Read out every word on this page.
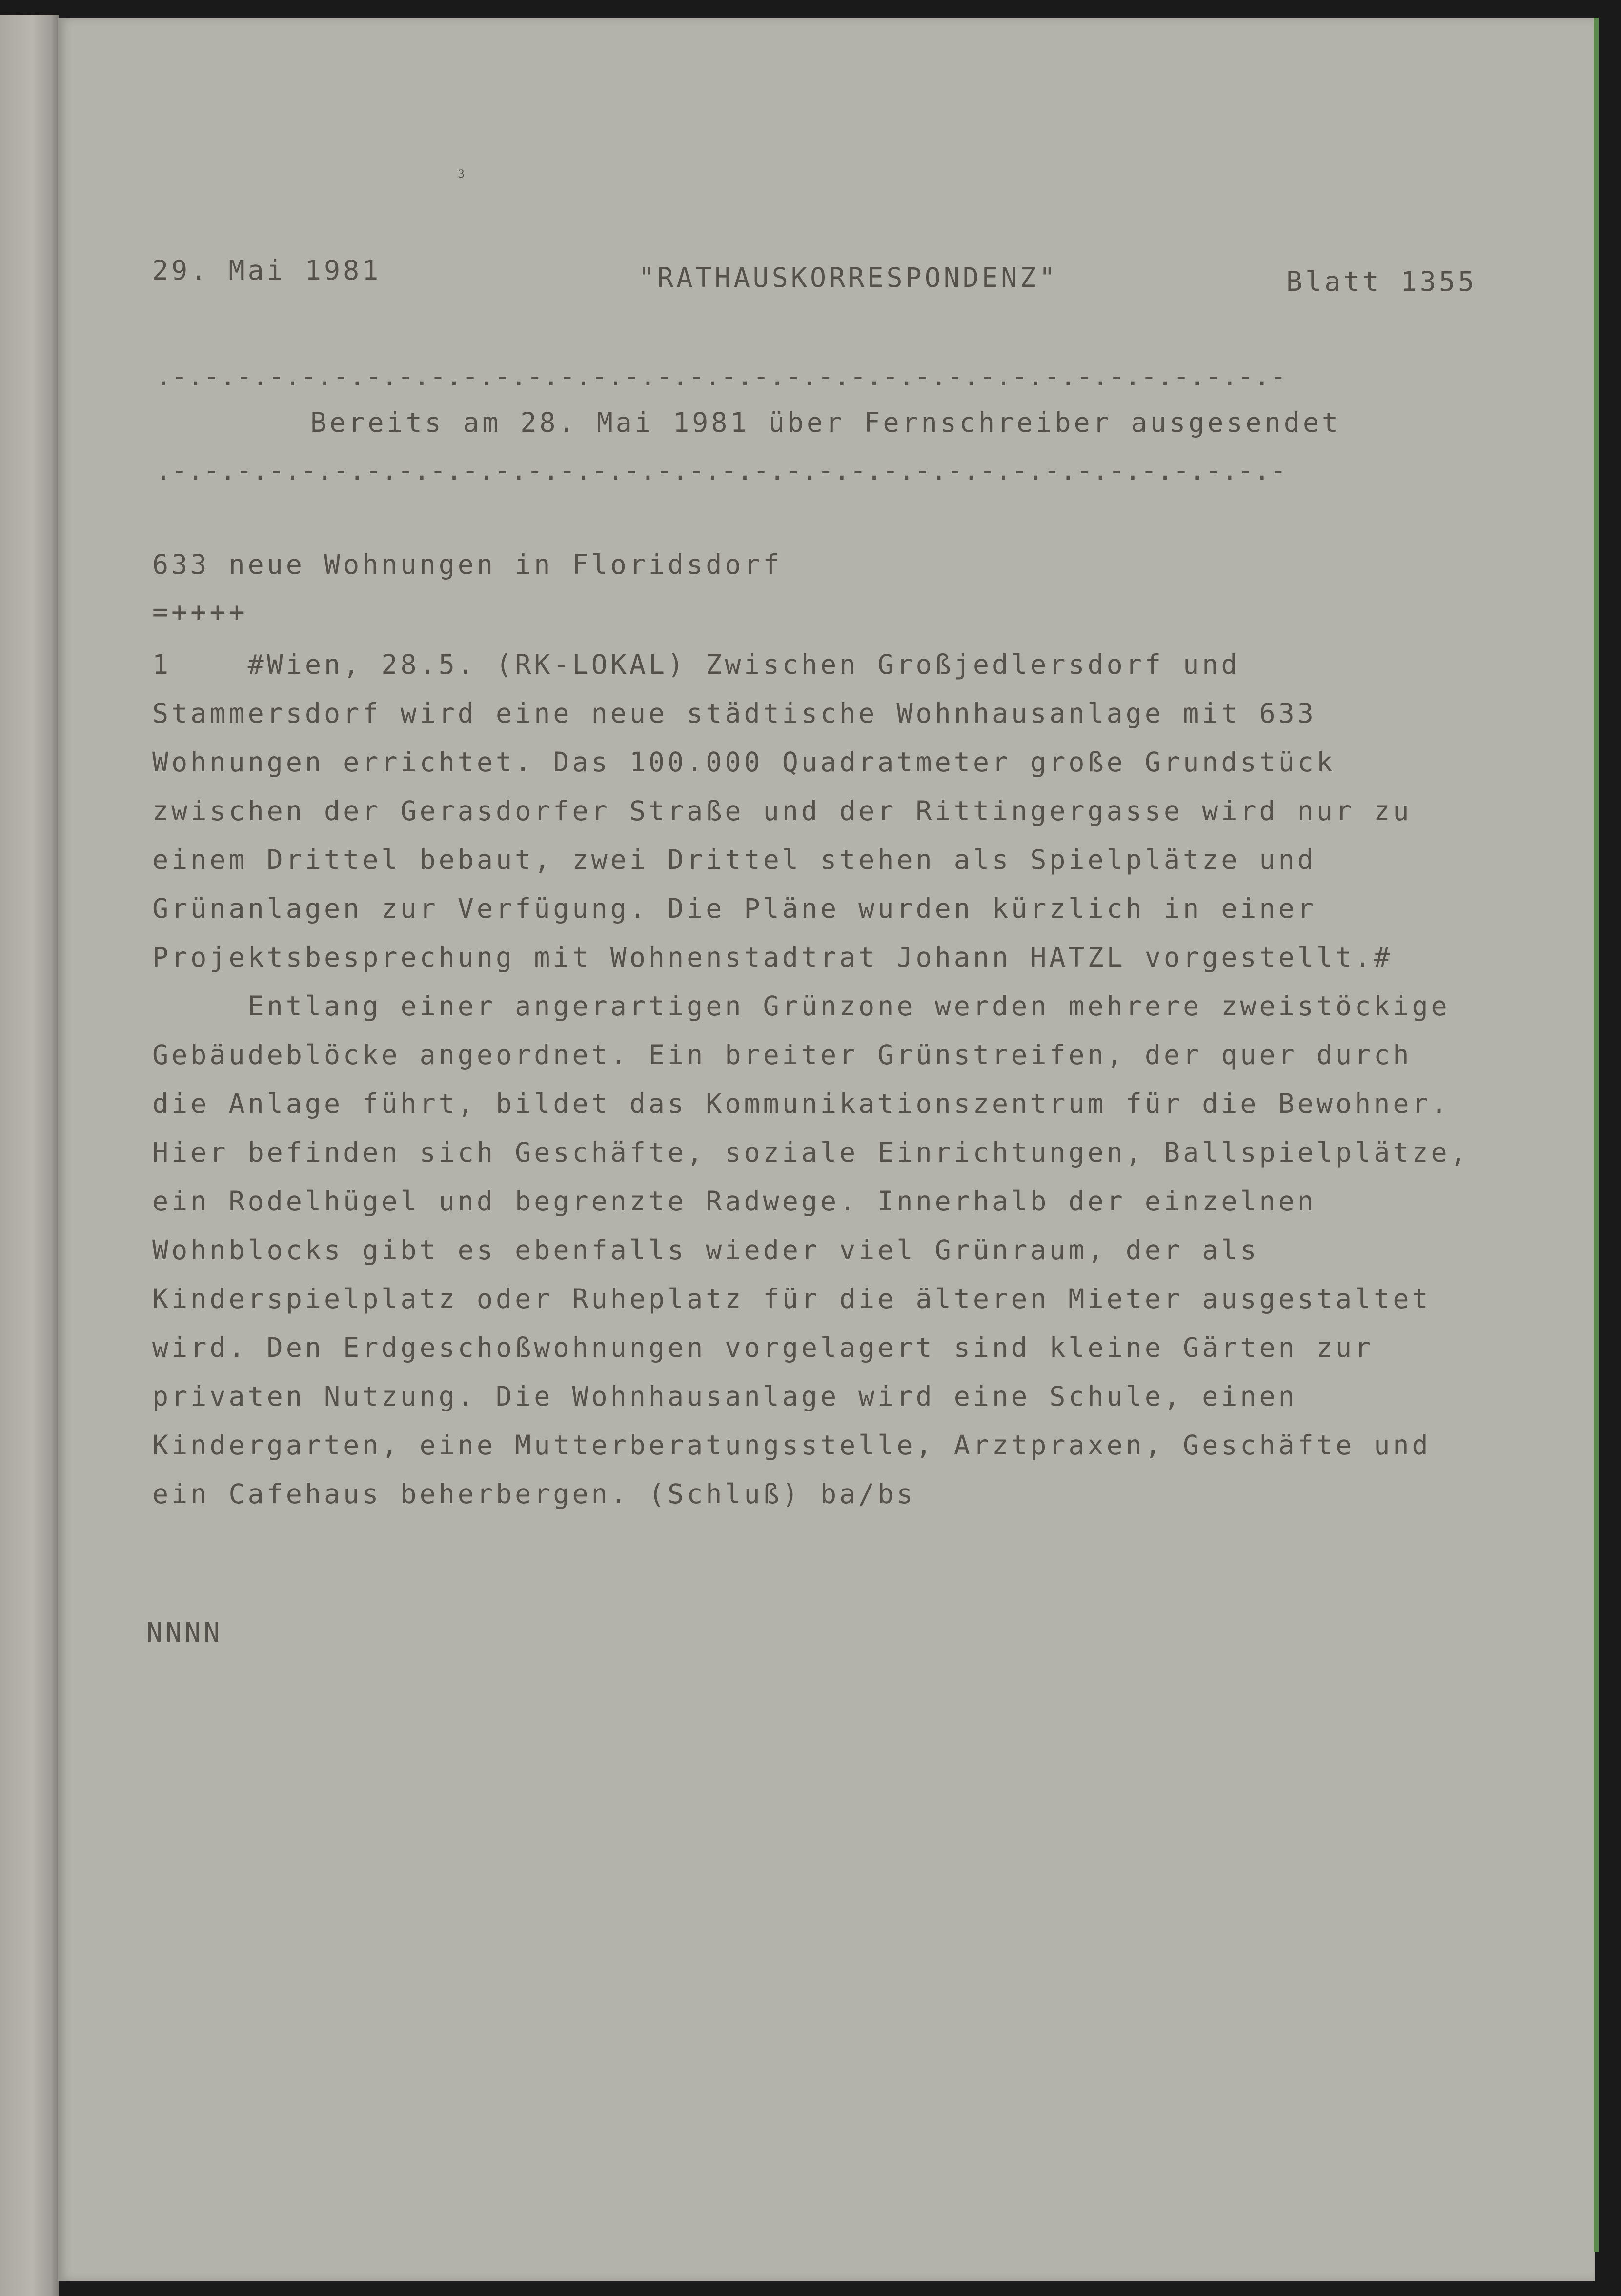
3

29. Mai 1981	"RATHAUSKORRESPONDENZ"	Blatt 1355

.-.-.-.-.-.-.-.-.-.-.-.-.-.-.-.-.-.-.-.-.-.-.-.-.-.-.-.-.-.-.-.-.-.-.-

Bereits am 28. Mai 1981 über Fernschreiber ausgesendet

.-.-.-.-.-.-.-.-.-.-.-.-.-.-.-.-.-.-.-.-.-.-.-.-.-.-.-.-.-.-.-.-.-.-.-

633 neue Wohnungen in Floridsdorf

=++++

1    #Wien, 28.5. (RK-LOKAL) Zwischen Großjedlersdorf und

Stammersdorf wird eine neue städtische Wohnhausanlage mit 633

Wohnungen errichtet. Das 100.000 Quadratmeter große Grundstück

zwischen der Gerasdorfer Straße und der Rittingergasse wird nur zu

einem Drittel bebaut, zwei Drittel stehen als Spielplätze und

Grünanlagen zur Verfügung. Die Pläne wurden kürzlich in einer

Projektsbesprechung mit Wohnenstadtrat Johann HATZL vorgestellt.#

Entlang einer angerartigen Grünzone werden mehrere zweistöckige

Gebäudeblöcke angeordnet. Ein breiter Grünstreifen, der quer durch

die Anlage führt, bildet das Kommunikationszentrum für die Bewohner.

Hier befinden sich Geschäfte, soziale Einrichtungen, Ballspielplätze,

ein Rodelhügel und begrenzte Radwege. Innerhalb der einzelnen

Wohnblocks gibt es ebenfalls wieder viel Grünraum, der als

Kinderspielplatz oder Ruheplatz für die älteren Mieter ausgestaltet

wird. Den Erdgeschoßwohnungen vorgelagert sind kleine Gärten zur

privaten Nutzung. Die Wohnhausanlage wird eine Schule, einen

Kindergarten, eine Mutterberatungsstelle, Arztpraxen, Geschäfte und

ein Cafehaus beherbergen. (Schluß) ba/bs

NNNN
